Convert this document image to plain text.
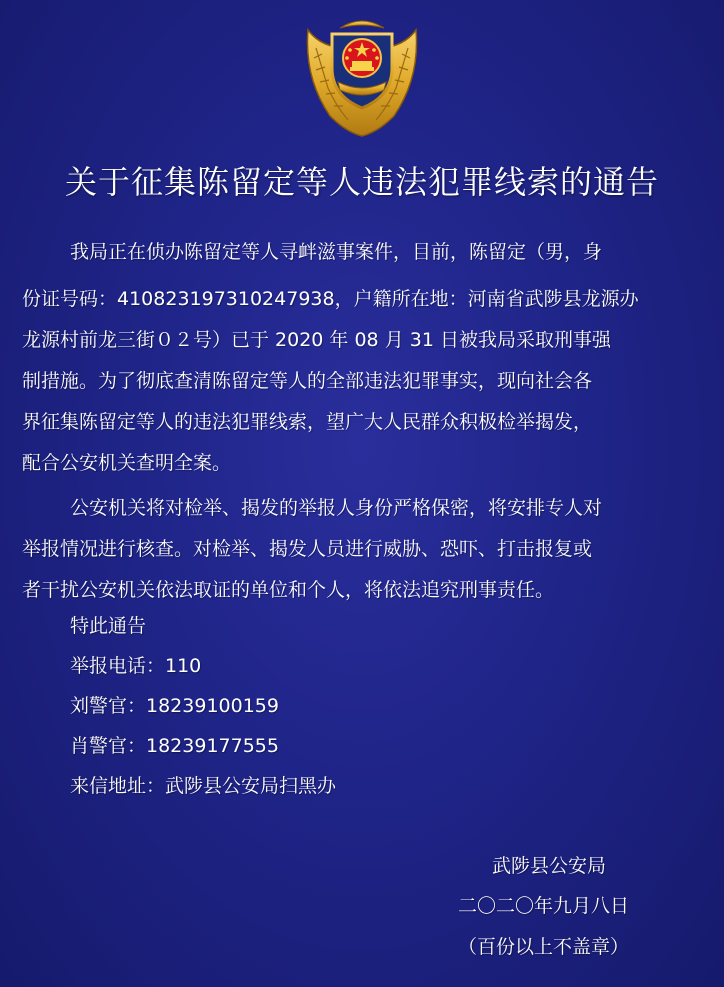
关于征集陈留定等人违法犯罪线索的通告
我局正在侦办陈留定等人寻衅滋事案件，目前，陈留定（男，身
份证号码：410823197310247938，户籍所在地：河南省武陟县龙源办
龙源村前龙三街０２号）已于 2020 年 08 月 31 日被我局采取刑事强
制措施。为了彻底查清陈留定等人的全部违法犯罪事实，现向社会各
界征集陈留定等人的违法犯罪线索，望广大人民群众积极检举揭发，
配合公安机关查明全案。
公安机关将对检举、揭发的举报人身份严格保密，将安排专人对
举报情况进行核查。对检举、揭发人员进行威胁、恐吓、打击报复或
者干扰公安机关依法取证的单位和个人，将依法追究刑事责任。
特此通告
举报电话：110
刘警官：18239100159
肖警官：18239177555
来信地址：武陟县公安局扫黑办
武陟县公安局
二〇二〇年九月八日
（百份以上不盖章）
